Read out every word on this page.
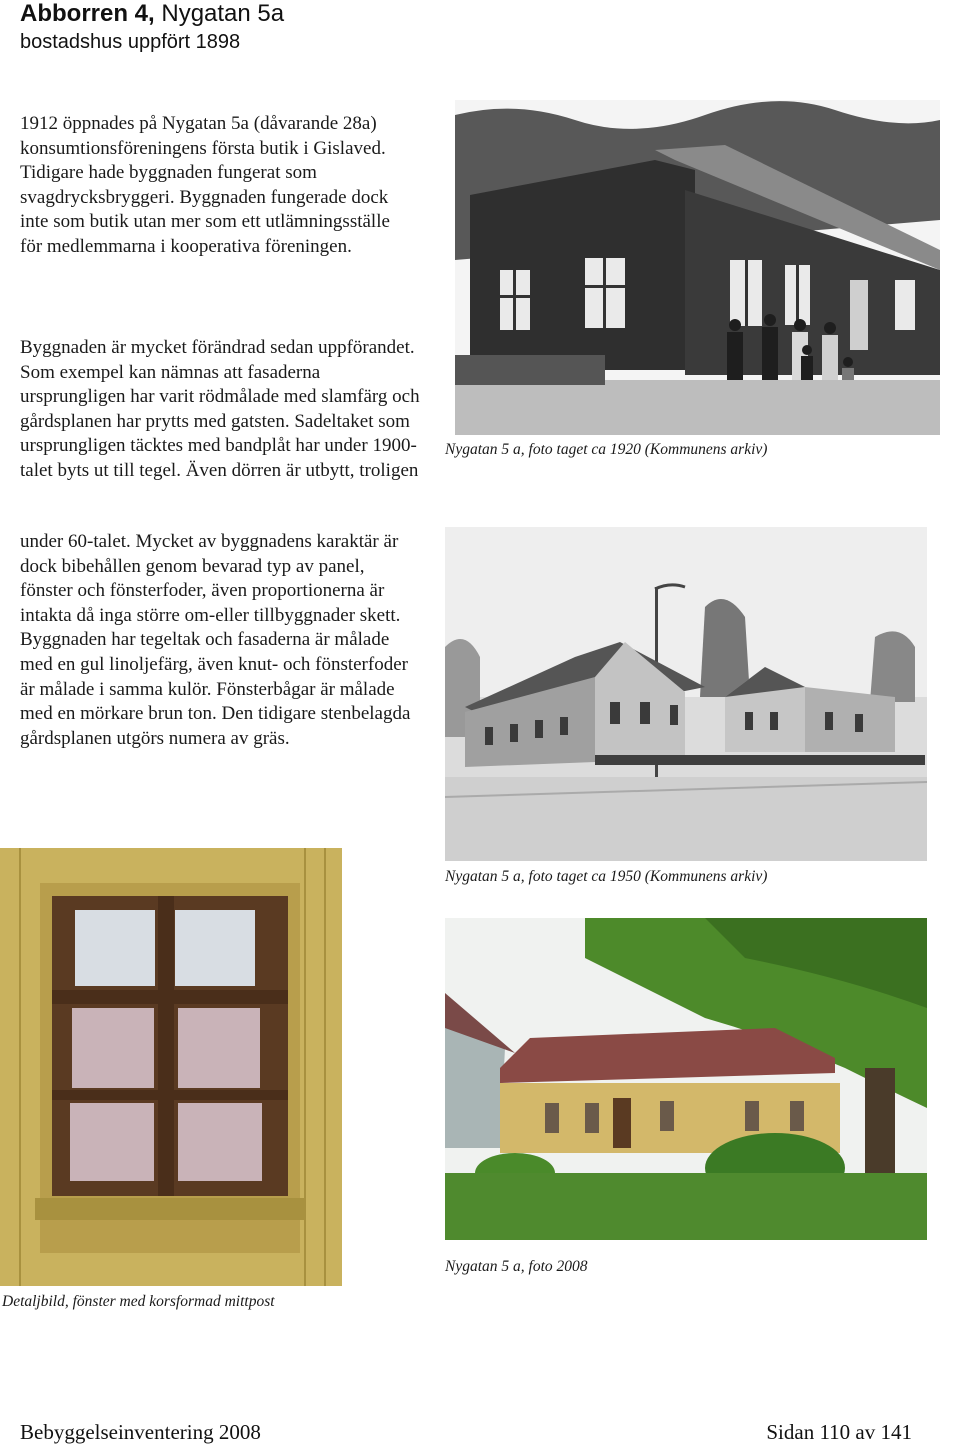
Abborren 4, Nygatan 5a
bostadshus uppfört 1898
1912 öppnades på Nygatan 5a (dåvarande 28a) konsumtionsföreningens första butik i Gislaved. Tidigare hade byggnaden fungerat som svagdrycksbryggeri. Byggnaden fungerade dock inte som butik utan mer som ett utlämningsställe för medlemmarna i kooperativa föreningen.
Byggnaden är mycket förändrad sedan uppförandet. Som exempel kan nämnas att fasaderna ursprungligen har varit rödmålade med slamfärg och gårdsplanen har prytts med gatsten. Sadeltaket som ursprungligen täcktes med bandplåt har under 1900-talet byts ut till tegel. Även dörren är utbytt, troligen
under 60-talet. Mycket av byggnadens karaktär är dock bibehållen genom bevarad typ av panel, fönster och fönsterfoder, även proportionerna är intakta då inga större om-eller tillbyggnader skett. Byggnaden har tegeltak och fasaderna är målade med en gul linoljefärg, även knut- och fönsterfoder är målade i samma kulör. Fönsterbågar är målade med en mörkare brun ton. Den tidigare stenbelagda gårdsplanen utgörs numera av gräs.
Nygatan 5 a, foto taget ca 1920 (Kommunens arkiv)
Nygatan 5 a, foto taget ca 1950 (Kommunens arkiv)
Detaljbild, fönster med korsformad mittpost
Nygatan 5 a, foto 2008
Bebyggelseinventering 2008	Sidan 110 av 141
